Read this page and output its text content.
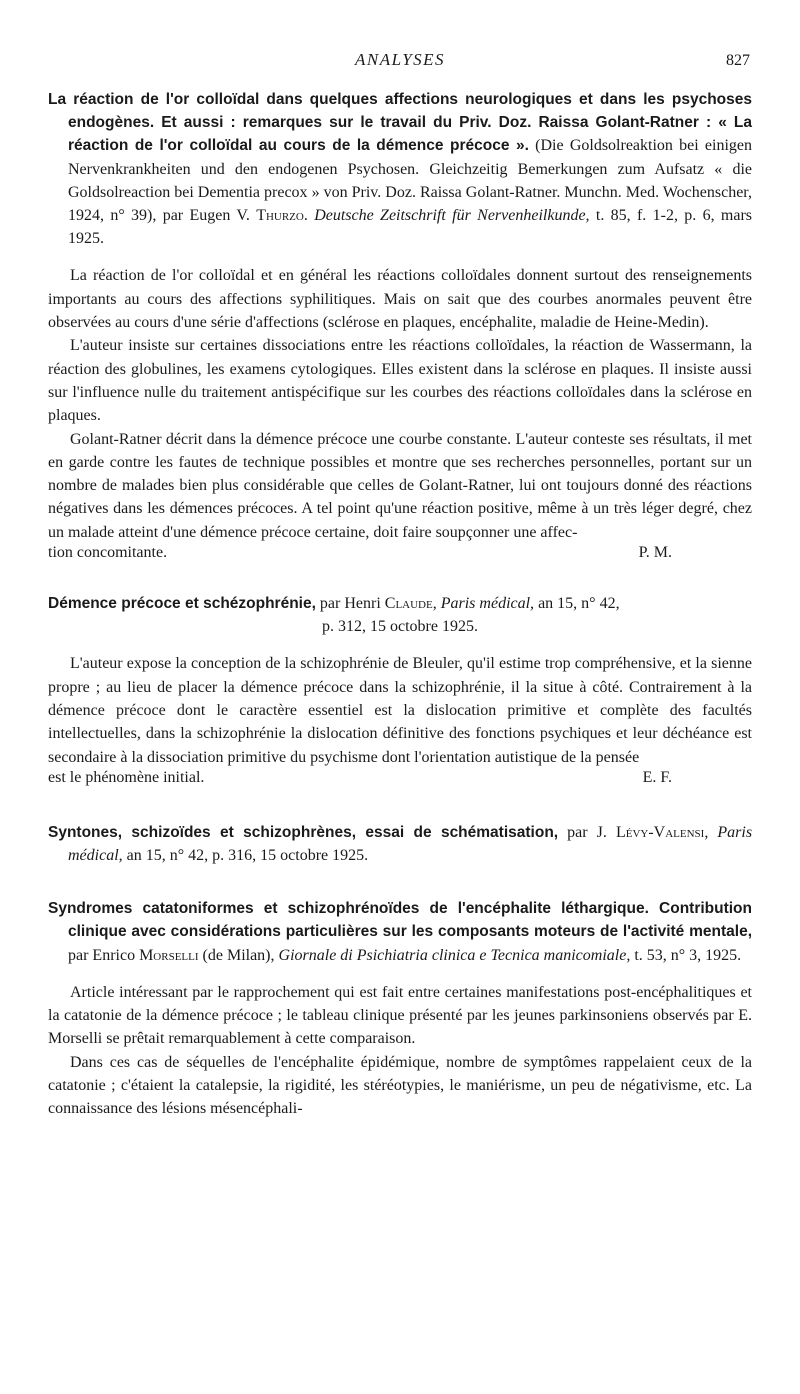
ANALYSES	827
La réaction de l'or colloïdal dans quelques affections neurologiques et dans les psychoses endogènes. Et aussi : remarques sur le travail du Priv. Doz. Raissa Golant-Ratner : « La réaction de l'or colloïdal au cours de la démence précoce ». (Die Goldsolreaktion bei einigen Nervenkrankheiten und den endogenen Psychosen. Gleichzeitig Bemerkungen zum Aufsatz « die Goldsolreaction bei Dementia precox » von Priv. Doz. Raissa Golant-Ratner. Munchn. Med. Wochenscher, 1924, n° 39), par Eugen V. Thurzo. Deutsche Zeitschrift für Nervenheilkunde, t. 85, f. 1-2, p. 6, mars 1925.

La réaction de l'or colloïdal et en général les réactions colloïdales donnent surtout des renseignements importants au cours des affections syphilitiques. Mais on sait que des courbes anormales peuvent être observées au cours d'une série d'affections (sclérose en plaques, encéphalite, maladie de Heine-Medin).

L'auteur insiste sur certaines dissociations entre les réactions colloïdales, la réaction de Wassermann, la réaction des globulines, les examens cytologiques. Elles existent dans la sclérose en plaques. Il insiste aussi sur l'influence nulle du traitement antispécifique sur les courbes des réactions colloïdales dans la sclérose en plaques.

Golant-Ratner décrit dans la démence précoce une courbe constante. L'auteur conteste ses résultats, il met en garde contre les fautes de technique possibles et montre que ses recherches personnelles, portant sur un nombre de malades bien plus considérable que celles de Golant-Ratner, lui ont toujours donné des réactions négatives dans les démences précoces. A tel point qu'une réaction positive, même à un très léger degré, chez un malade atteint d'une démence précoce certaine, doit faire soupçonner une affec-

tion concomitante.	P. M.
Démence précoce et schézophrénie, par Henri Claude, Paris médical, an 15, n° 42,
p. 312, 15 octobre 1925.

L'auteur expose la conception de la schizophrénie de Bleuler, qu'il estime trop compréhensive, et la sienne propre ; au lieu de placer la démence précoce dans la schizophrénie, il la situe à côté. Contrairement à la démence précoce dont le caractère essentiel est la dislocation primitive et complète des facultés intellectuelles, dans la schizophrénie la dislocation définitive des fonctions psychiques et leur déchéance est secondaire à la dissociation primitive du psychisme dont l'orientation autistique de la pensée

est le phénomène initial.	E. F.
Syntones, schizoïdes et schizophrènes, essai de schématisation, par J. Lévy-Valensi, Paris médical, an 15, n° 42, p. 316, 15 octobre 1925.
Syndromes catatoniformes et schizophrénoïdes de l'encéphalite léthargique. Contribution clinique avec considérations particulières sur les composants moteurs de l'activité mentale, par Enrico Morselli (de Milan), Giornale di Psichiatria clinica e Tecnica manicomiale, t. 53, n° 3, 1925.

Article intéressant par le rapprochement qui est fait entre certaines manifestations post-encéphalitiques et la catatonie de la démence précoce ; le tableau clinique présenté par les jeunes parkinsoniens observés par E. Morselli se prêtait remarquablement à cette comparaison.

Dans ces cas de séquelles de l'encéphalite épidémique, nombre de symptômes rappelaient ceux de la catatonie ; c'étaient la catalepsie, la rigidité, les stéréotypies, le maniérisme, un peu de négativisme, etc. La connaissance des lésions mésencéphali-
